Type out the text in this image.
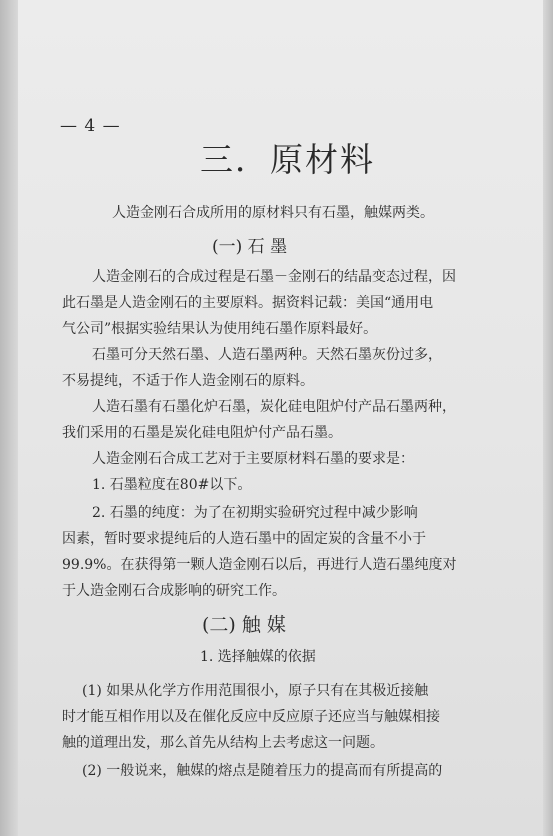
— 4 —
三．原材料
人造金刚石合成所用的原材料只有石墨，触媒两类。
(一) 石 墨
人造金刚石的合成过程是石墨－金刚石的结晶变态过程，因
此石墨是人造金刚石的主要原料。据资料记载：美国“通用电
气公司”根据实验结果认为使用纯石墨作原料最好。
石墨可分天然石墨、人造石墨两种。天然石墨灰份过多，
不易提纯，不适于作人造金刚石的原料。
人造石墨有石墨化炉石墨，炭化硅电阻炉付产品石墨两种，
我们采用的石墨是炭化硅电阻炉付产品石墨。
人造金刚石合成工艺对于主要原材料石墨的要求是：
1. 石墨粒度在80#以下。
2. 石墨的纯度：为了在初期实验研究过程中减少影响
因素，暂时要求提纯后的人造石墨中的固定炭的含量不小于
99.9%。在获得第一颗人造金刚石以后，再进行人造石墨纯度对
于人造金刚石合成影响的研究工作。
(二) 触 媒
1. 选择触媒的依据
(1) 如果从化学方作用范围很小，原子只有在其极近接触
时才能互相作用以及在催化反应中反应原子还应当与触媒相接
触的道理出发，那么首先从结构上去考虑这一问题。
(2) 一般说来，触媒的熔点是随着压力的提高而有所提高的
